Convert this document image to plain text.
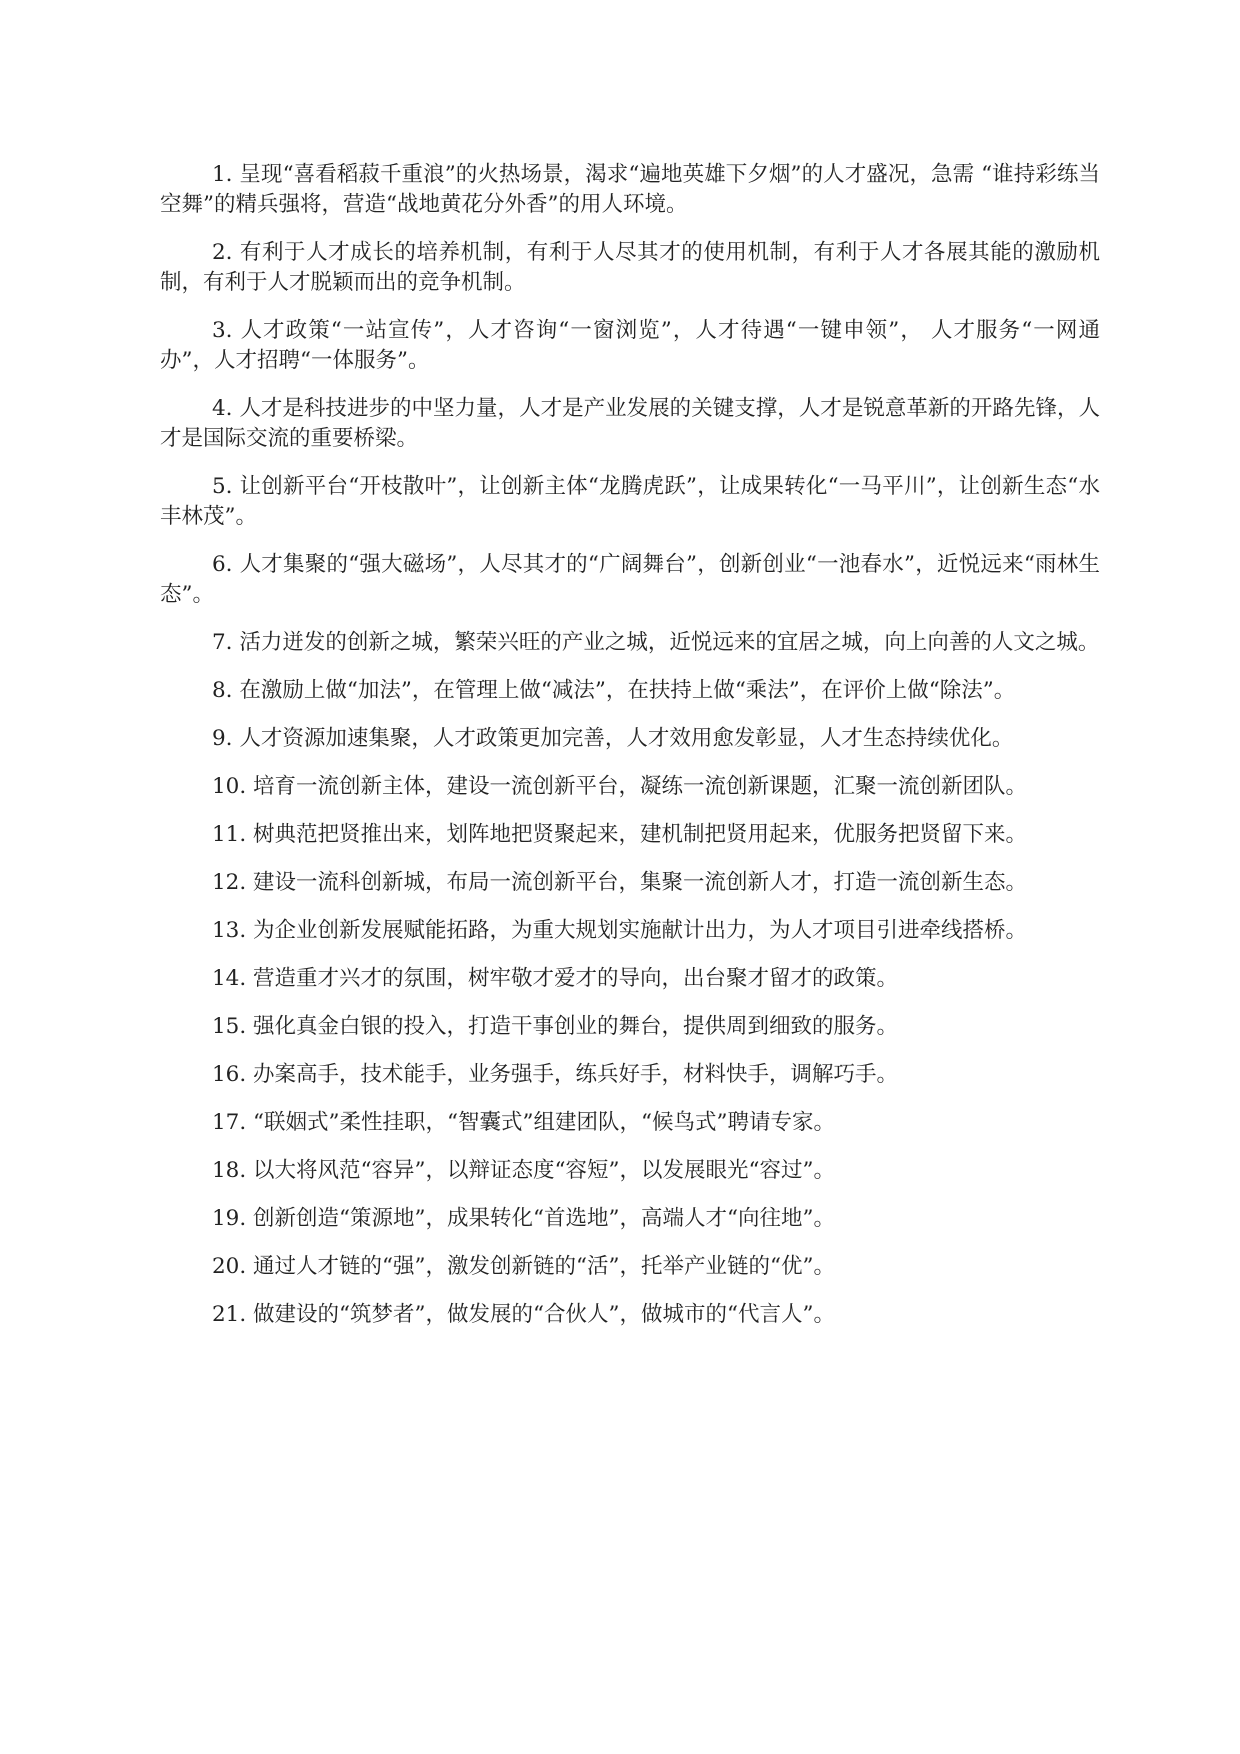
1. 呈现“喜看稻菽千重浪”的火热场景，渴求“遍地英雄下夕烟”的人才盛况，急需 “谁持彩练当空舞”的精兵强将，营造“战地黄花分外香”的用人环境。

2. 有利于人才成长的培养机制，有利于人尽其才的使用机制，有利于人才各展其能的激励机制，有利于人才脱颖而出的竞争机制。

3. 人才政策“一站宣传”，人才咨询“一窗浏览”，人才待遇“一键申领”， 人才服务“一网通办”，人才招聘“一体服务”。

4. 人才是科技进步的中坚力量，人才是产业发展的关键支撑，人才是锐意革新的开路先锋，人才是国际交流的重要桥梁。

5. 让创新平台“开枝散叶”，让创新主体“龙腾虎跃”，让成果转化“一马平川”，让创新生态“水丰林茂”。

6. 人才集聚的“强大磁场”，人尽其才的“广阔舞台”，创新创业“一池春水”，近悦远来“雨林生态”。

7. 活力迸发的创新之城，繁荣兴旺的产业之城，近悦远来的宜居之城，向上向善的人文之城。

8. 在激励上做“加法”，在管理上做“减法”，在扶持上做“乘法”，在评价上做“除法”。

9. 人才资源加速集聚，人才政策更加完善，人才效用愈发彰显，人才生态持续优化。

10. 培育一流创新主体，建设一流创新平台，凝练一流创新课题，汇聚一流创新团队。

11. 树典范把贤推出来，划阵地把贤聚起来，建机制把贤用起来，优服务把贤留下来。

12. 建设一流科创新城，布局一流创新平台，集聚一流创新人才，打造一流创新生态。

13. 为企业创新发展赋能拓路，为重大规划实施献计出力，为人才项目引进牵线搭桥。

14. 营造重才兴才的氛围，树牢敬才爱才的导向，出台聚才留才的政策。

15. 强化真金白银的投入，打造干事创业的舞台，提供周到细致的服务。

16. 办案高手，技术能手，业务强手，练兵好手，材料快手，调解巧手。

17. “联姻式”柔性挂职，“智囊式”组建团队，“候鸟式”聘请专家。

18. 以大将风范“容异”，以辩证态度“容短”，以发展眼光“容过”。

19. 创新创造“策源地”，成果转化“首选地”，高端人才“向往地”。

20. 通过人才链的“强”，激发创新链的“活”，托举产业链的“优”。

21. 做建设的“筑梦者”，做发展的“合伙人”，做城市的“代言人”。
